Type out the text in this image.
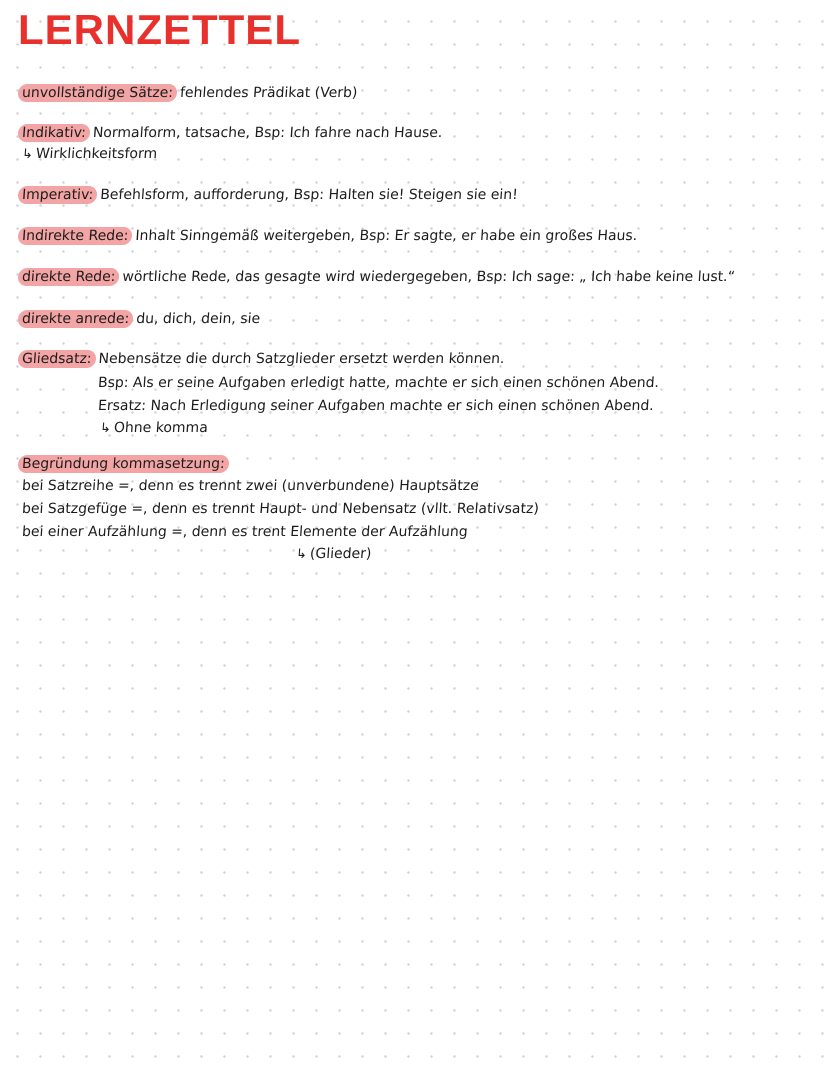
LERNZETTEL
unvollständige Sätze: fehlendes Prädikat (Verb)
Indikativ: Normalform, tatsache, Bsp: Ich fahre nach Hause.
↳ Wirklichkeitsform
Imperativ: Befehlsform, aufforderung, Bsp: Halten sie! Steigen sie ein!
Indirekte Rede: Inhalt Sinngemäß weitergeben, Bsp: Er sagte, er habe ein großes Haus.
direkte Rede: wörtliche Rede, das gesagte wird wiedergegeben, Bsp: Ich sage: „ Ich habe keine lust.“
direkte anrede: du, dich, dein, sie
Gliedsatz: Nebensätze die durch Satzglieder ersetzt werden können.
Bsp: Als er seine Aufgaben erledigt hatte, machte er sich einen schönen Abend.
Ersatz: Nach Erledigung seiner Aufgaben machte er sich einen schönen Abend.
↳ Ohne komma
Begründung kommasetzung:
bei Satzreihe =, denn es trennt zwei (unverbundene) Hauptsätze
bei Satzgefüge =, denn es trennt Haupt- und Nebensatz (vllt. Relativsatz)
bei einer Aufzählung =, denn es trent Elemente der Aufzählung
↳ (Glieder)
